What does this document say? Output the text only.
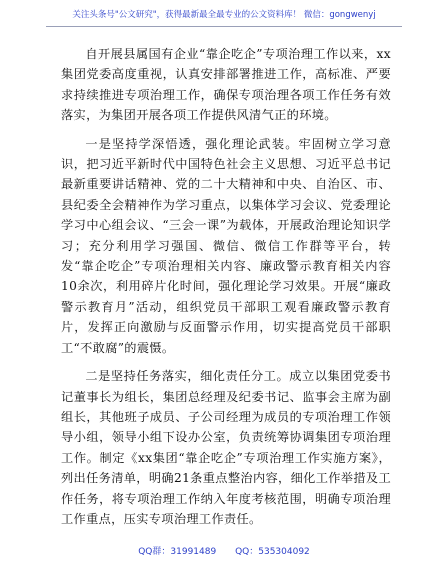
关注头条号"公文研究"，获得最新最全最专业的公文资料库！ 微信：gongwenyj

自开展县属国有企业“靠企吃企”专项治理工作以来，xx集团党委高度重视，认真安排部署推进工作，高标准、严要求持续推进专项治理工作，确保专项治理各项工作任务有效落实，为集团开展各项工作提供风清气正的环境。

一是坚持学深悟透，强化理论武装。牢固树立学习意识，把习近平新时代中国特色社会主义思想、习近平总书记最新重要讲话精神、党的二十大精神和中央、自治区、市、县纪委全会精神作为学习重点，以集体学习会议、党委理论学习中心组会议、“三会一课”为载体，开展政治理论知识学习；充分利用学习强国、微信、微信工作群等平台，转发“靠企吃企”专项治理相关内容、廉政警示教育相关内容10余次，利用碎片化时间，强化理论学习效果。开展“廉政警示教育月”活动，组织党员干部职工观看廉政警示教育片，发挥正向激励与反面警示作用，切实提高党员干部职工“不敢腐”的震慑。

二是坚持任务落实，细化责任分工。成立以集团党委书记董事长为组长，集团总经理及纪委书记、监事会主席为副组长，其他班子成员、子公司经理为成员的专项治理工作领导小组，领导小组下设办公室，负责统筹协调集团专项治理工作。制定《xx集团“靠企吃企”专项治理工作实施方案》，列出任务清单，明确21条重点整治内容，细化工作举措及工作任务，将专项治理工作纳入年度考核范围，明确专项治理工作重点，压实专项治理工作责任。

QQ群：31991489 QQ：535304092
